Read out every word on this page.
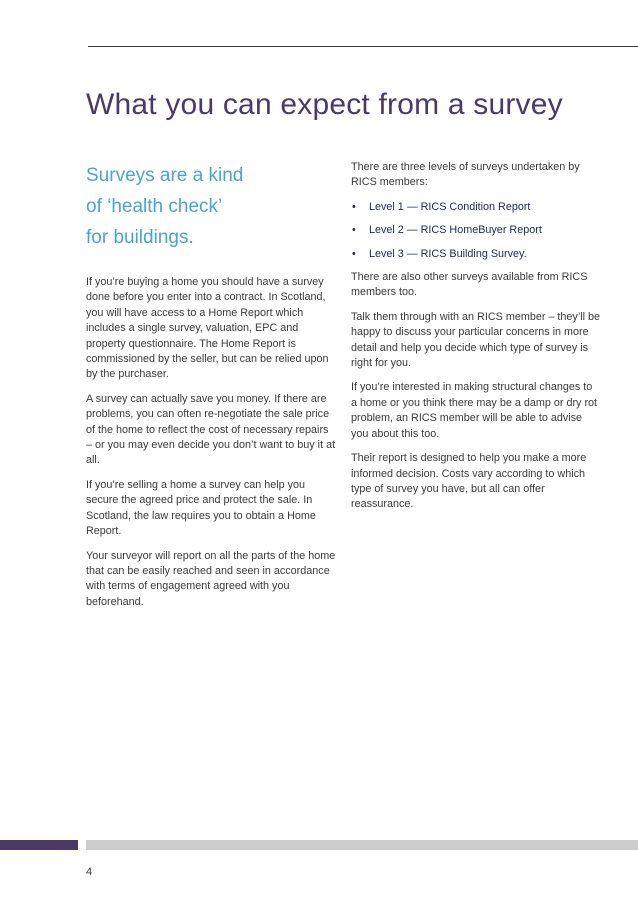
What you can expect from a survey
Surveys are a kind
of ‘health check’
for buildings.

If you’re buying a home you should have a survey done before you enter into a contract. In Scotland, you will have access to a Home Report which includes a single survey, valuation, EPC and property questionnaire. The Home Report is commissioned by the seller, but can be relied upon by the purchaser.

A survey can actually save you money. If there are problems, you can often re-negotiate the sale price of the home to reflect the cost of necessary repairs – or you may even decide you don’t want to buy it at all.

If you’re selling a home a survey can help you secure the agreed price and protect the sale. In Scotland, the law requires you to obtain a Home Report.

Your surveyor will report on all the parts of the home that can be easily reached and seen in accordance with terms of engagement agreed with you beforehand.

There are three levels of surveys undertaken by RICS members:

• Level 1 — RICS Condition Report
• Level 2 — RICS HomeBuyer Report
• Level 3 — RICS Building Survey.

There are also other surveys available from RICS members too.

Talk them through with an RICS member – they’ll be happy to discuss your particular concerns in more detail and help you decide which type of survey is right for you.

If you’re interested in making structural changes to a home or you think there may be a damp or dry rot problem, an RICS member will be able to advise you about this too.

Their report is designed to help you make a more informed decision. Costs vary according to which type of survey you have, but all can offer reassurance.

4
